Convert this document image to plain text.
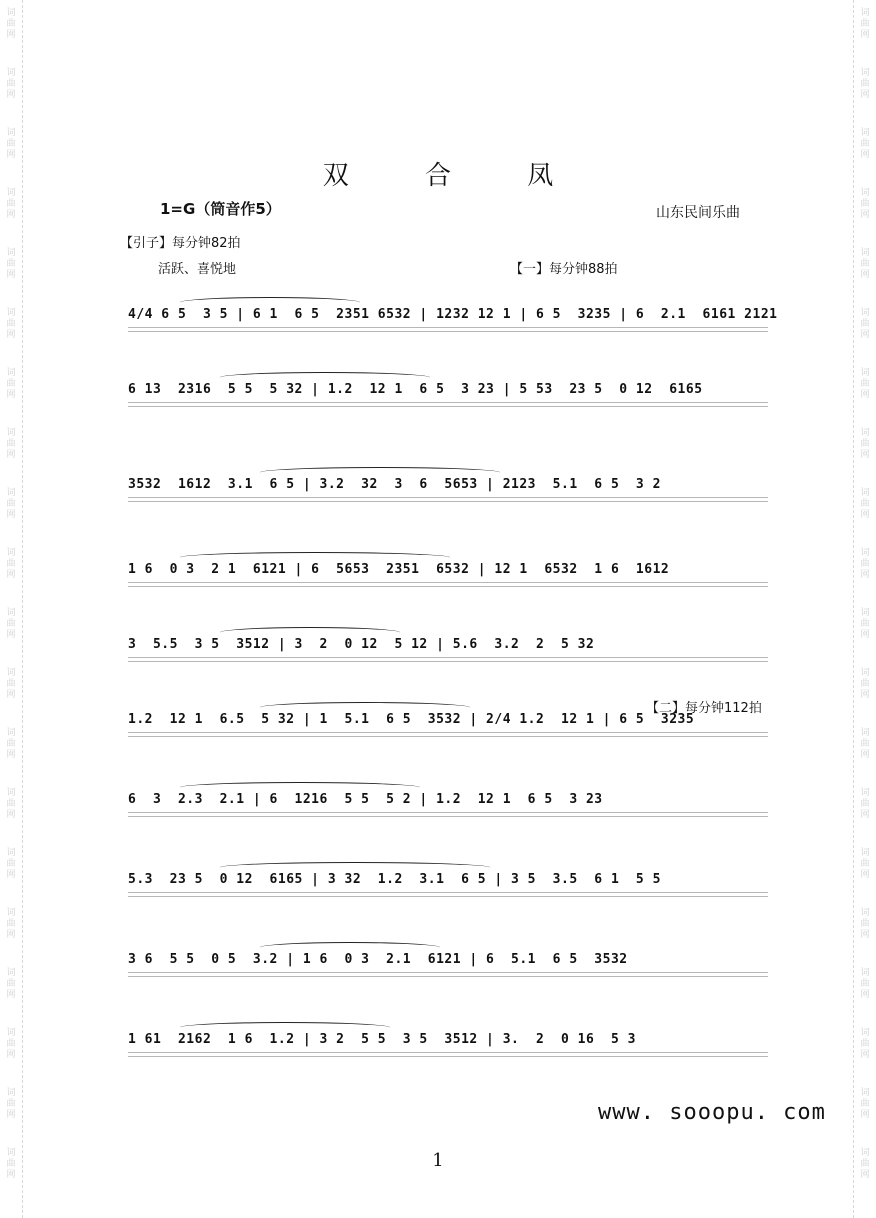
词 曲 网
词 曲 网
词 曲 网
词 曲 网
词 曲 网
词 曲 网
词 曲 网
词 曲 网
词 曲 网
词 曲 网
词 曲 网
词 曲 网
词 曲 网
词 曲 网
词 曲 网
词 曲 网
词 曲 网
词 曲 网
词 曲 网
词 曲 网
词 曲 网
词 曲 网
词 曲 网
词 曲 网
词 曲 网
词 曲 网
词 曲 网
词 曲 网
词 曲 网
词 曲 网
词 曲 网
词 曲 网
词 曲 网
词 曲 网
词 曲 网
词 曲 网
词 曲 网
词 曲 网
词 曲 网
词 曲 网
双 合 凤
1=G（筒音作5）	山东民间乐曲
【引子】每分钟82拍
活跃、喜悦地	【一】每分钟88拍
【二】每分钟112拍
4/4 6 5  3 5 | 6 1  6 5  2351 6532 | 1232 12 1 | 6 5  3235 | 6  2.1  6161 2121
6 13  2316  5 5  5 32 | 1.2  12 1  6 5  3 23 | 5 53  23 5  0 12  6165
3532  1612  3.1  6 5 | 3.2  32  3  6  5653 | 2123  5.1  6 5  3 2
1 6  0 3  2 1  6121 | 6  5653  2351  6532 | 12 1  6532  1 6  1612
3  5.5  3 5  3512 | 3  2  0 12  5 12 | 5.6  3.2  2  5 32
1.2  12 1  6.5  5 32 | 1  5.1  6 5  3532 | 2/4 1.2  12 1 | 6 5  3235
6  3  2.3  2.1 | 6  1216  5 5  5 2 | 1.2  12 1  6 5  3 23
5.3  23 5  0 12  6165 | 3 32  1.2  3.1  6 5 | 3 5  3.5  6 1  5 5
3 6  5 5  0 5  3.2 | 1 6  0 3  2.1  6121 | 6  5.1  6 5  3532
1 61  2162  1 6  1.2 | 3 2  5 5  3 5  3512 | 3.  2  0 16  5 3
www. sooopu. com
1
